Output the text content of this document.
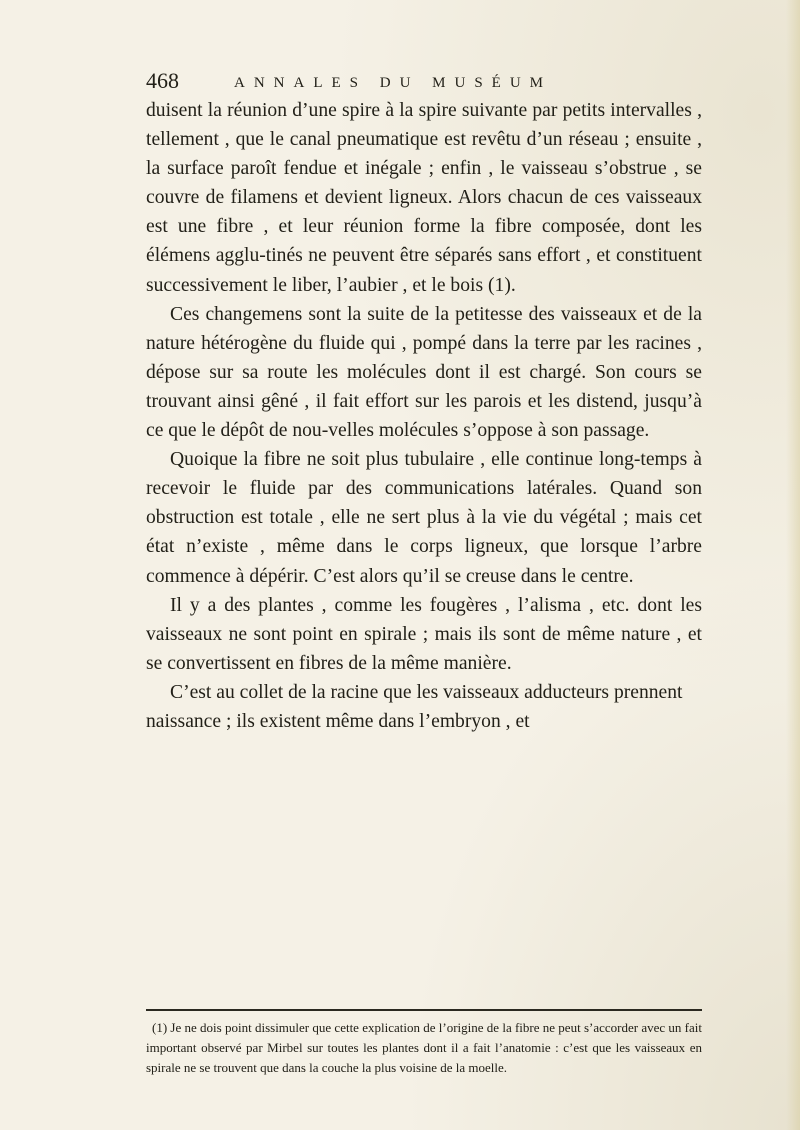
468	ANNALES DU MUSÉUM

duisent la réunion d’une spire à la spire suivante par petits intervalles , tellement , que le canal pneumatique est revêtu d’un réseau ; ensuite , la surface paroît fendue et inégale ; enfin , le vaisseau s’obstrue , se couvre de filamens et devient ligneux. Alors chacun de ces vaisseaux est une fibre , et leur réunion forme la fibre composée, dont les élémens agglu-tinés ne peuvent être séparés sans effort , et constituent successivement le liber, l’aubier , et le bois (1).

Ces changemens sont la suite de la petitesse des vaisseaux et de la nature hétérogène du fluide qui , pompé dans la terre par les racines , dépose sur sa route les molécules dont il est chargé. Son cours se trouvant ainsi gêné , il fait effort sur les parois et les distend, jusqu’à ce que le dépôt de nou-velles molécules s’oppose à son passage.

Quoique la fibre ne soit plus tubulaire , elle continue long-temps à recevoir le fluide par des communications latérales. Quand son obstruction est totale , elle ne sert plus à la vie du végétal ; mais cet état n’existe , même dans le corps ligneux, que lorsque l’arbre commence à dépérir. C’est alors qu’il se creuse dans le centre.

Il y a des plantes , comme les fougères , l’alisma , etc. dont les vaisseaux ne sont point en spirale ; mais ils sont de même nature , et se convertissent en fibres de la même manière.

C’est au collet de la racine que les vaisseaux adducteurs prennent naissance ; ils existent même dans l’embryon , et

(1) Je ne dois point dissimuler que cette explication de l’origine de la fibre ne peut s’accorder avec un fait important observé par Mirbel sur toutes les plantes dont il a fait l’anatomie : c’est que les vaisseaux en spirale ne se trouvent que dans la couche la plus voisine de la moelle.
